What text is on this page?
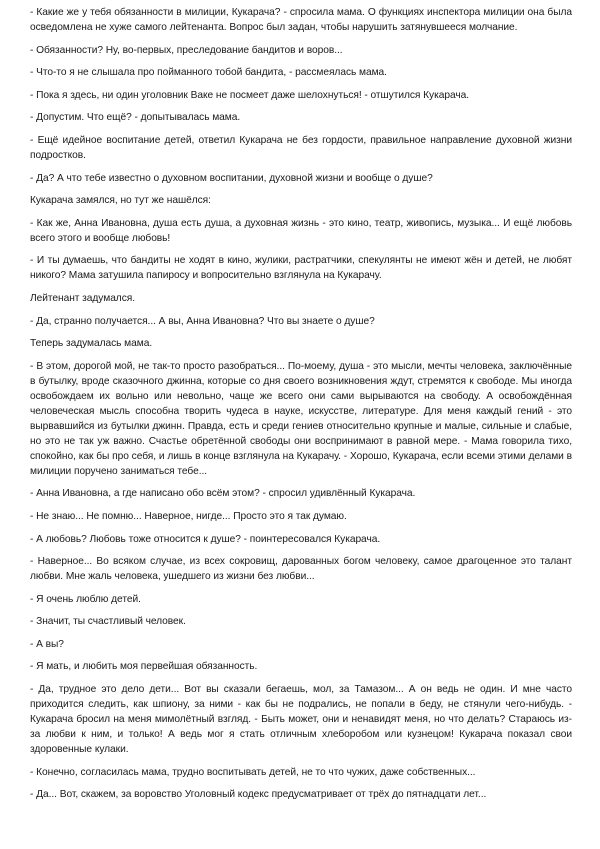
- Какие же у тебя обязанности в милиции, Кукарача? - спросила мама. О функциях инспектора милиции она была осведомлена не хуже самого лейтенанта. Вопрос был задан, чтобы нарушить затянувшееся молчание.

- Обязанности? Ну, во-первых, преследование бандитов и воров...

- Что-то я не слышала про пойманного тобой бандита, - рассмеялась мама.

- Пока я здесь, ни один уголовник Ваке не посмеет даже шелохнуться! - отшутился Кукарача.

- Допустим. Что ещё? - допытывалась мама.

- Ещё идейное воспитание детей, ответил Кукарача не без гордости, правильное направление духовной жизни подростков.

- Да? А что тебе известно о духовном воспитании, духовной жизни и вообще о душе?

Кукарача замялся, но тут же нашёлся:

- Как же, Анна Ивановна, душа есть душа, а духовная жизнь - это кино, театр, живопись, музыка... И ещё любовь всего этого и вообще любовь!

- И ты думаешь, что бандиты не ходят в кино, жулики, растратчики, спекулянты не имеют жён и детей, не любят никого? Мама затушила папиросу и вопросительно взглянула на Кукарачу.

Лейтенант задумался.

- Да, странно получается... А вы, Анна Ивановна? Что вы знаете о душе?

Теперь задумалась мама.

- В этом, дорогой мой, не так-то просто разобраться... По-моему, душа - это мысли, мечты человека, заключённые в бутылку, вроде сказочного джинна, которые со дня своего возникновения ждут, стремятся к свободе. Мы иногда освобождаем их вольно или невольно, чаще же всего они сами вырываются на свободу. А освобождённая человеческая мысль способна творить чудеса в науке, искусстве, литературе. Для меня каждый гений - это вырвавшийся из бутылки джинн. Правда, есть и среди гениев относительно крупные и малые, сильные и слабые, но это не так уж важно. Счастье обретённой свободы они воспринимают в равной мере. - Мама говорила тихо, спокойно, как бы про себя, и лишь в конце взглянула на Кукарачу. - Хорошо, Кукарача, если всеми этими делами в милиции поручено заниматься тебе...

- Анна Ивановна, а где написано обо всём этом? - спросил удивлённый Кукарача.

- Не знаю... Не помню... Наверное, нигде... Просто это я так думаю.

- А любовь? Любовь тоже относится к душе? - поинтересовался Кукарача.

- Наверное... Во всяком случае, из всех сокровищ, дарованных богом человеку, самое драгоценное это талант любви. Мне жаль человека, ушедшего из жизни без любви...

- Я очень люблю детей.

- Значит, ты счастливый человек.

- А вы?

- Я мать, и любить моя первейшая обязанность.

- Да, трудное это дело дети... Вот вы сказали бегаешь, мол, за Тамазом... А он ведь не один. И мне часто приходится следить, как шпиону, за ними - как бы не подрались, не попали в беду, не стянули чего-нибудь. - Кукарача бросил на меня мимолётный взгляд. - Быть может, они и ненавидят меня, но что делать? Стараюсь из-за любви к ним, и только! А ведь мог я стать отличным хлеборобом или кузнецом! Кукарача показал свои здоровенные кулаки.

- Конечно, согласилась мама, трудно воспитывать детей, не то что чужих, даже собственных...

- Да... Вот, скажем, за воровство Уголовный кодекс предусматривает от трёх до пятнадцати лет...
